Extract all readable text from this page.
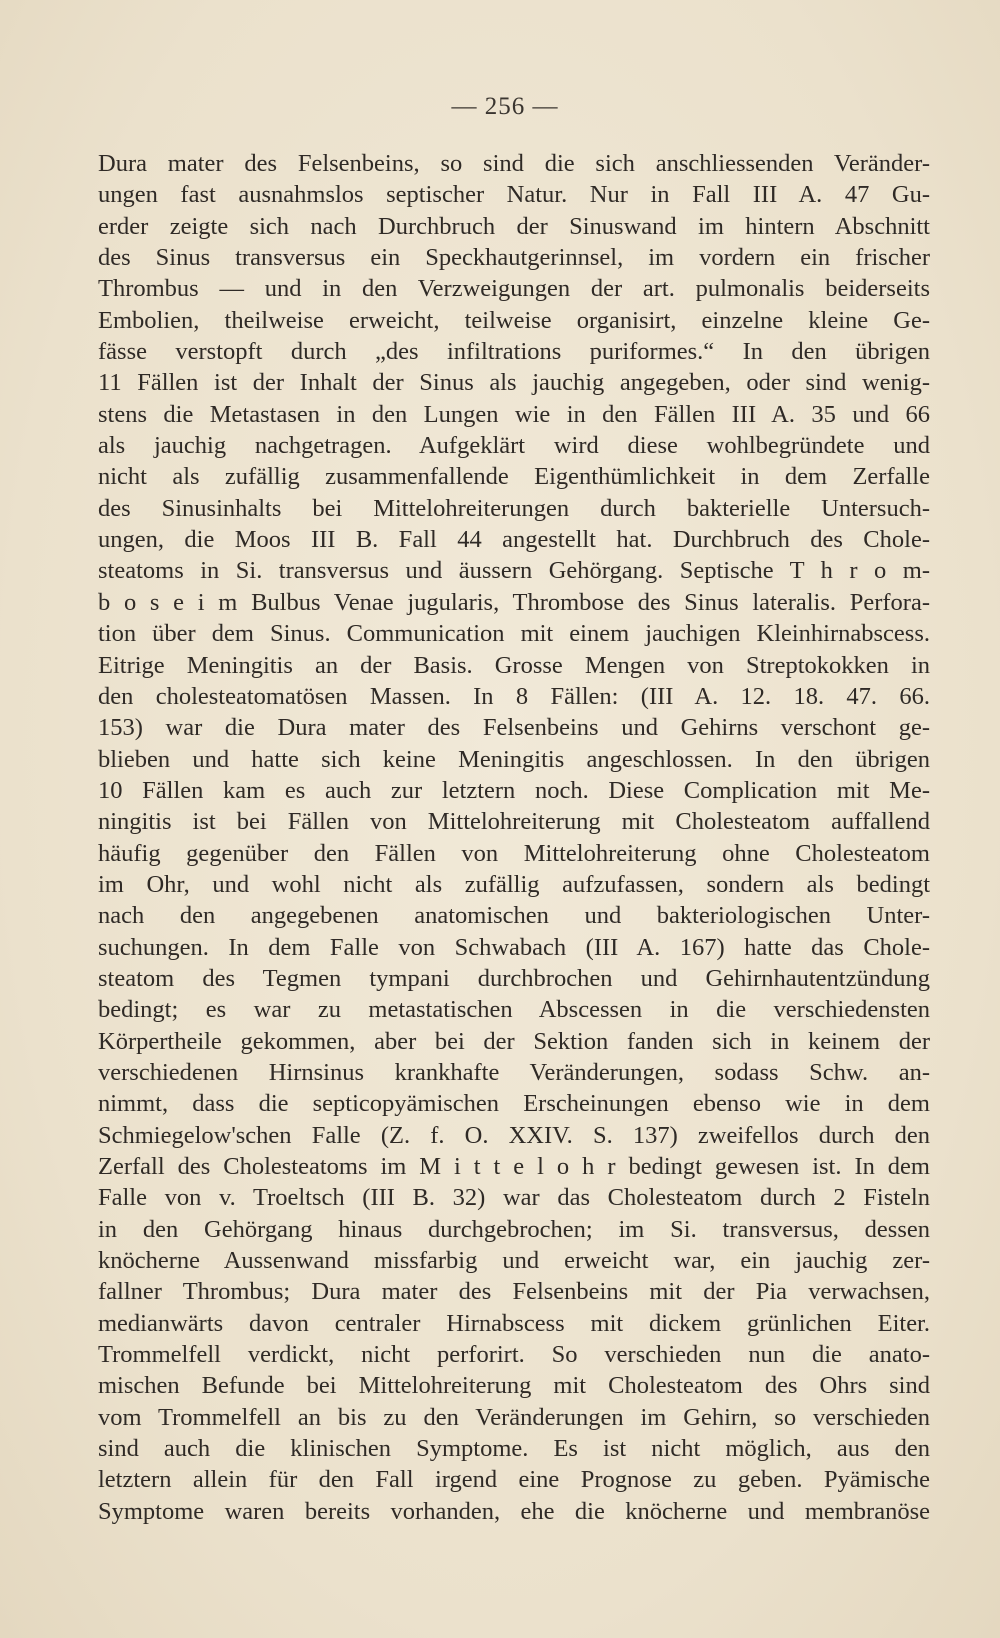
— 256 —
Dura mater des Felsenbeins, so sind die sich anschliessenden Veränder-
ungen fast ausnahmslos septischer Natur. Nur in Fall III A. 47 Gu-
erder zeigte sich nach Durchbruch der Sinuswand im hintern Abschnitt
des Sinus transversus ein Speckhautgerinnsel, im vordern ein frischer
Thrombus — und in den Verzweigungen der art. pulmonalis beiderseits
Embolien, theilweise erweicht, teilweise organisirt, einzelne kleine Ge-
fässe verstopft durch „des infiltrations puriformes.“ In den übrigen
11 Fällen ist der Inhalt der Sinus als jauchig angegeben, oder sind wenig-
stens die Metastasen in den Lungen wie in den Fällen III A. 35 und 66
als jauchig nachgetragen. Aufgeklärt wird diese wohlbegründete und
nicht als zufällig zusammenfallende Eigenthümlichkeit in dem Zerfalle
des Sinusinhalts bei Mittelohreiterungen durch bakterielle Untersuch-
ungen, die Moos III B. Fall 44 angestellt hat. Durchbruch des Chole-
steatoms in Si. transversus und äussern Gehörgang. Septische T h r o m-
b o s e i m Bulbus Venae jugularis, Thrombose des Sinus lateralis. Perfora-
tion über dem Sinus. Communication mit einem jauchigen Kleinhirnabscess.
Eitrige Meningitis an der Basis. Grosse Mengen von Streptokokken in
den cholesteatomatösen Massen. In 8 Fällen: (III A. 12. 18. 47. 66.
153) war die Dura mater des Felsenbeins und Gehirns verschont ge-
blieben und hatte sich keine Meningitis angeschlossen. In den übrigen
10 Fällen kam es auch zur letztern noch. Diese Complication mit Me-
ningitis ist bei Fällen von Mittelohreiterung mit Cholesteatom auffallend
häufig gegenüber den Fällen von Mittelohreiterung ohne Cholesteatom
im Ohr, und wohl nicht als zufällig aufzufassen, sondern als bedingt
nach den angegebenen anatomischen und bakteriologischen Unter-
suchungen. In dem Falle von Schwabach (III A. 167) hatte das Chole-
steatom des Tegmen tympani durchbrochen und Gehirnhautentzündung
bedingt; es war zu metastatischen Abscessen in die verschiedensten
Körpertheile gekommen, aber bei der Sektion fanden sich in keinem der
verschiedenen Hirnsinus krankhafte Veränderungen, sodass Schw. an-
nimmt, dass die septicopyämischen Erscheinungen ebenso wie in dem
Schmiegelow'schen Falle (Z. f. O. XXIV. S. 137) zweifellos durch den
Zerfall des Cholesteatoms im M i t t e l o h r bedingt gewesen ist. In dem
Falle von v. Troeltsch (III B. 32) war das Cholesteatom durch 2 Fisteln
in den Gehörgang hinaus durchgebrochen; im Si. transversus, dessen
knöcherne Aussenwand missfarbig und erweicht war, ein jauchig zer-
fallner Thrombus; Dura mater des Felsenbeins mit der Pia verwachsen,
medianwärts davon centraler Hirnabscess mit dickem grünlichen Eiter.
Trommelfell verdickt, nicht perforirt. So verschieden nun die anato-
mischen Befunde bei Mittelohreiterung mit Cholesteatom des Ohrs sind
vom Trommelfell an bis zu den Veränderungen im Gehirn, so verschieden
sind auch die klinischen Symptome. Es ist nicht möglich, aus den
letztern allein für den Fall irgend eine Prognose zu geben. Pyämische
Symptome waren bereits vorhanden, ehe die knöcherne und membranöse
